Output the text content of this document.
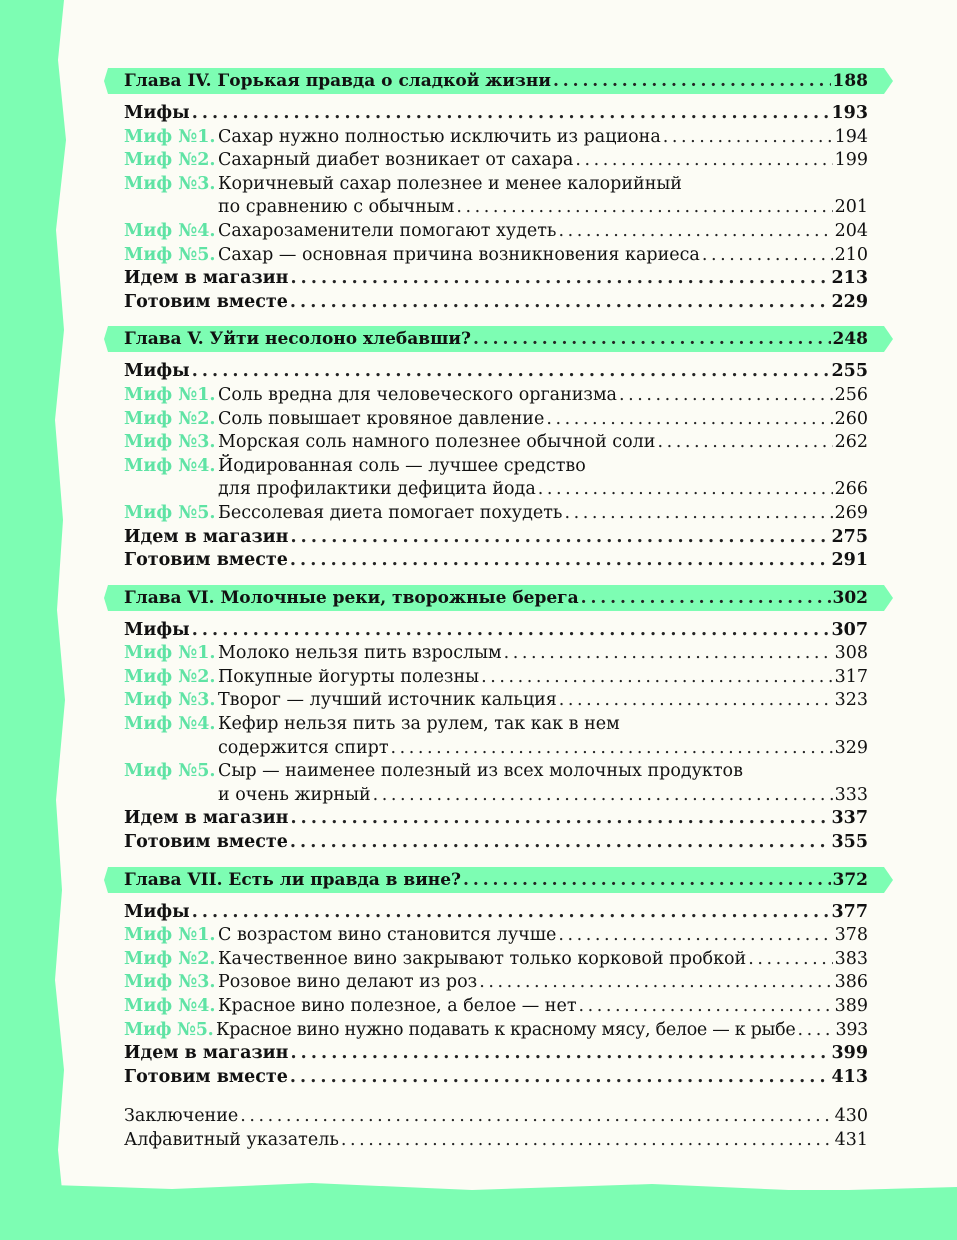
Глава IV. Горькая правда о сладкой жизни . . .	188
Мифы . . .	193
Миф №1. Сахар нужно полностью исключить из рациона . . .	194
Миф №2. Сахарный диабет возникает от сахара . . .	199
Миф №3. Коричневый сахар полезнее и менее калорийный
по сравнению с обычным . . .	201
Миф №4. Сахарозаменители помогают худеть . . .	204
Миф №5. Сахар — основная причина возникновения кариеса . . .	210
Идем в магазин . . .	213
Готовим вместе . . .	229
Глава V. Уйти несолоно хлебавши? . . .	248
Мифы . . .	255
Миф №1. Соль вредна для человеческого организма . . .	256
Миф №2. Соль повышает кровяное давление . . .	260
Миф №3. Морская соль намного полезнее обычной соли . . .	262
Миф №4. Йодированная соль — лучшее средство
для профилактики дефицита йода . . .	266
Миф №5. Бессолевая диета помогает похудеть . . .	269
Идем в магазин . . .	275
Готовим вместе . . .	291
Глава VI. Молочные реки, творожные берега . . .	302
Мифы . . .	307
Миф №1. Молоко нельзя пить взрослым . . .	308
Миф №2. Покупные йогурты полезны . . .	317
Миф №3. Творог — лучший источник кальция . . .	323
Миф №4. Кефир нельзя пить за рулем, так как в нем
содержится спирт . . .	329
Миф №5. Сыр — наименее полезный из всех молочных продуктов
и очень жирный . . .	333
Идем в магазин . . .	337
Готовим вместе . . .	355
Глава VII. Есть ли правда в вине? . . .	372
Мифы . . .	377
Миф №1. С возрастом вино становится лучше . . .	378
Миф №2. Качественное вино закрывают только корковой пробкой . . .	383
Миф №3. Розовое вино делают из роз . . .	386
Миф №4. Красное вино полезное, а белое — нет . . .	389
Миф №5. Красное вино нужно подавать к красному мясу, белое — к рыбе . . . 393
Идем в магазин . . .	399
Готовим вместе . . .	413
Заключение . . .	430
Алфавитный указатель . . .	431
